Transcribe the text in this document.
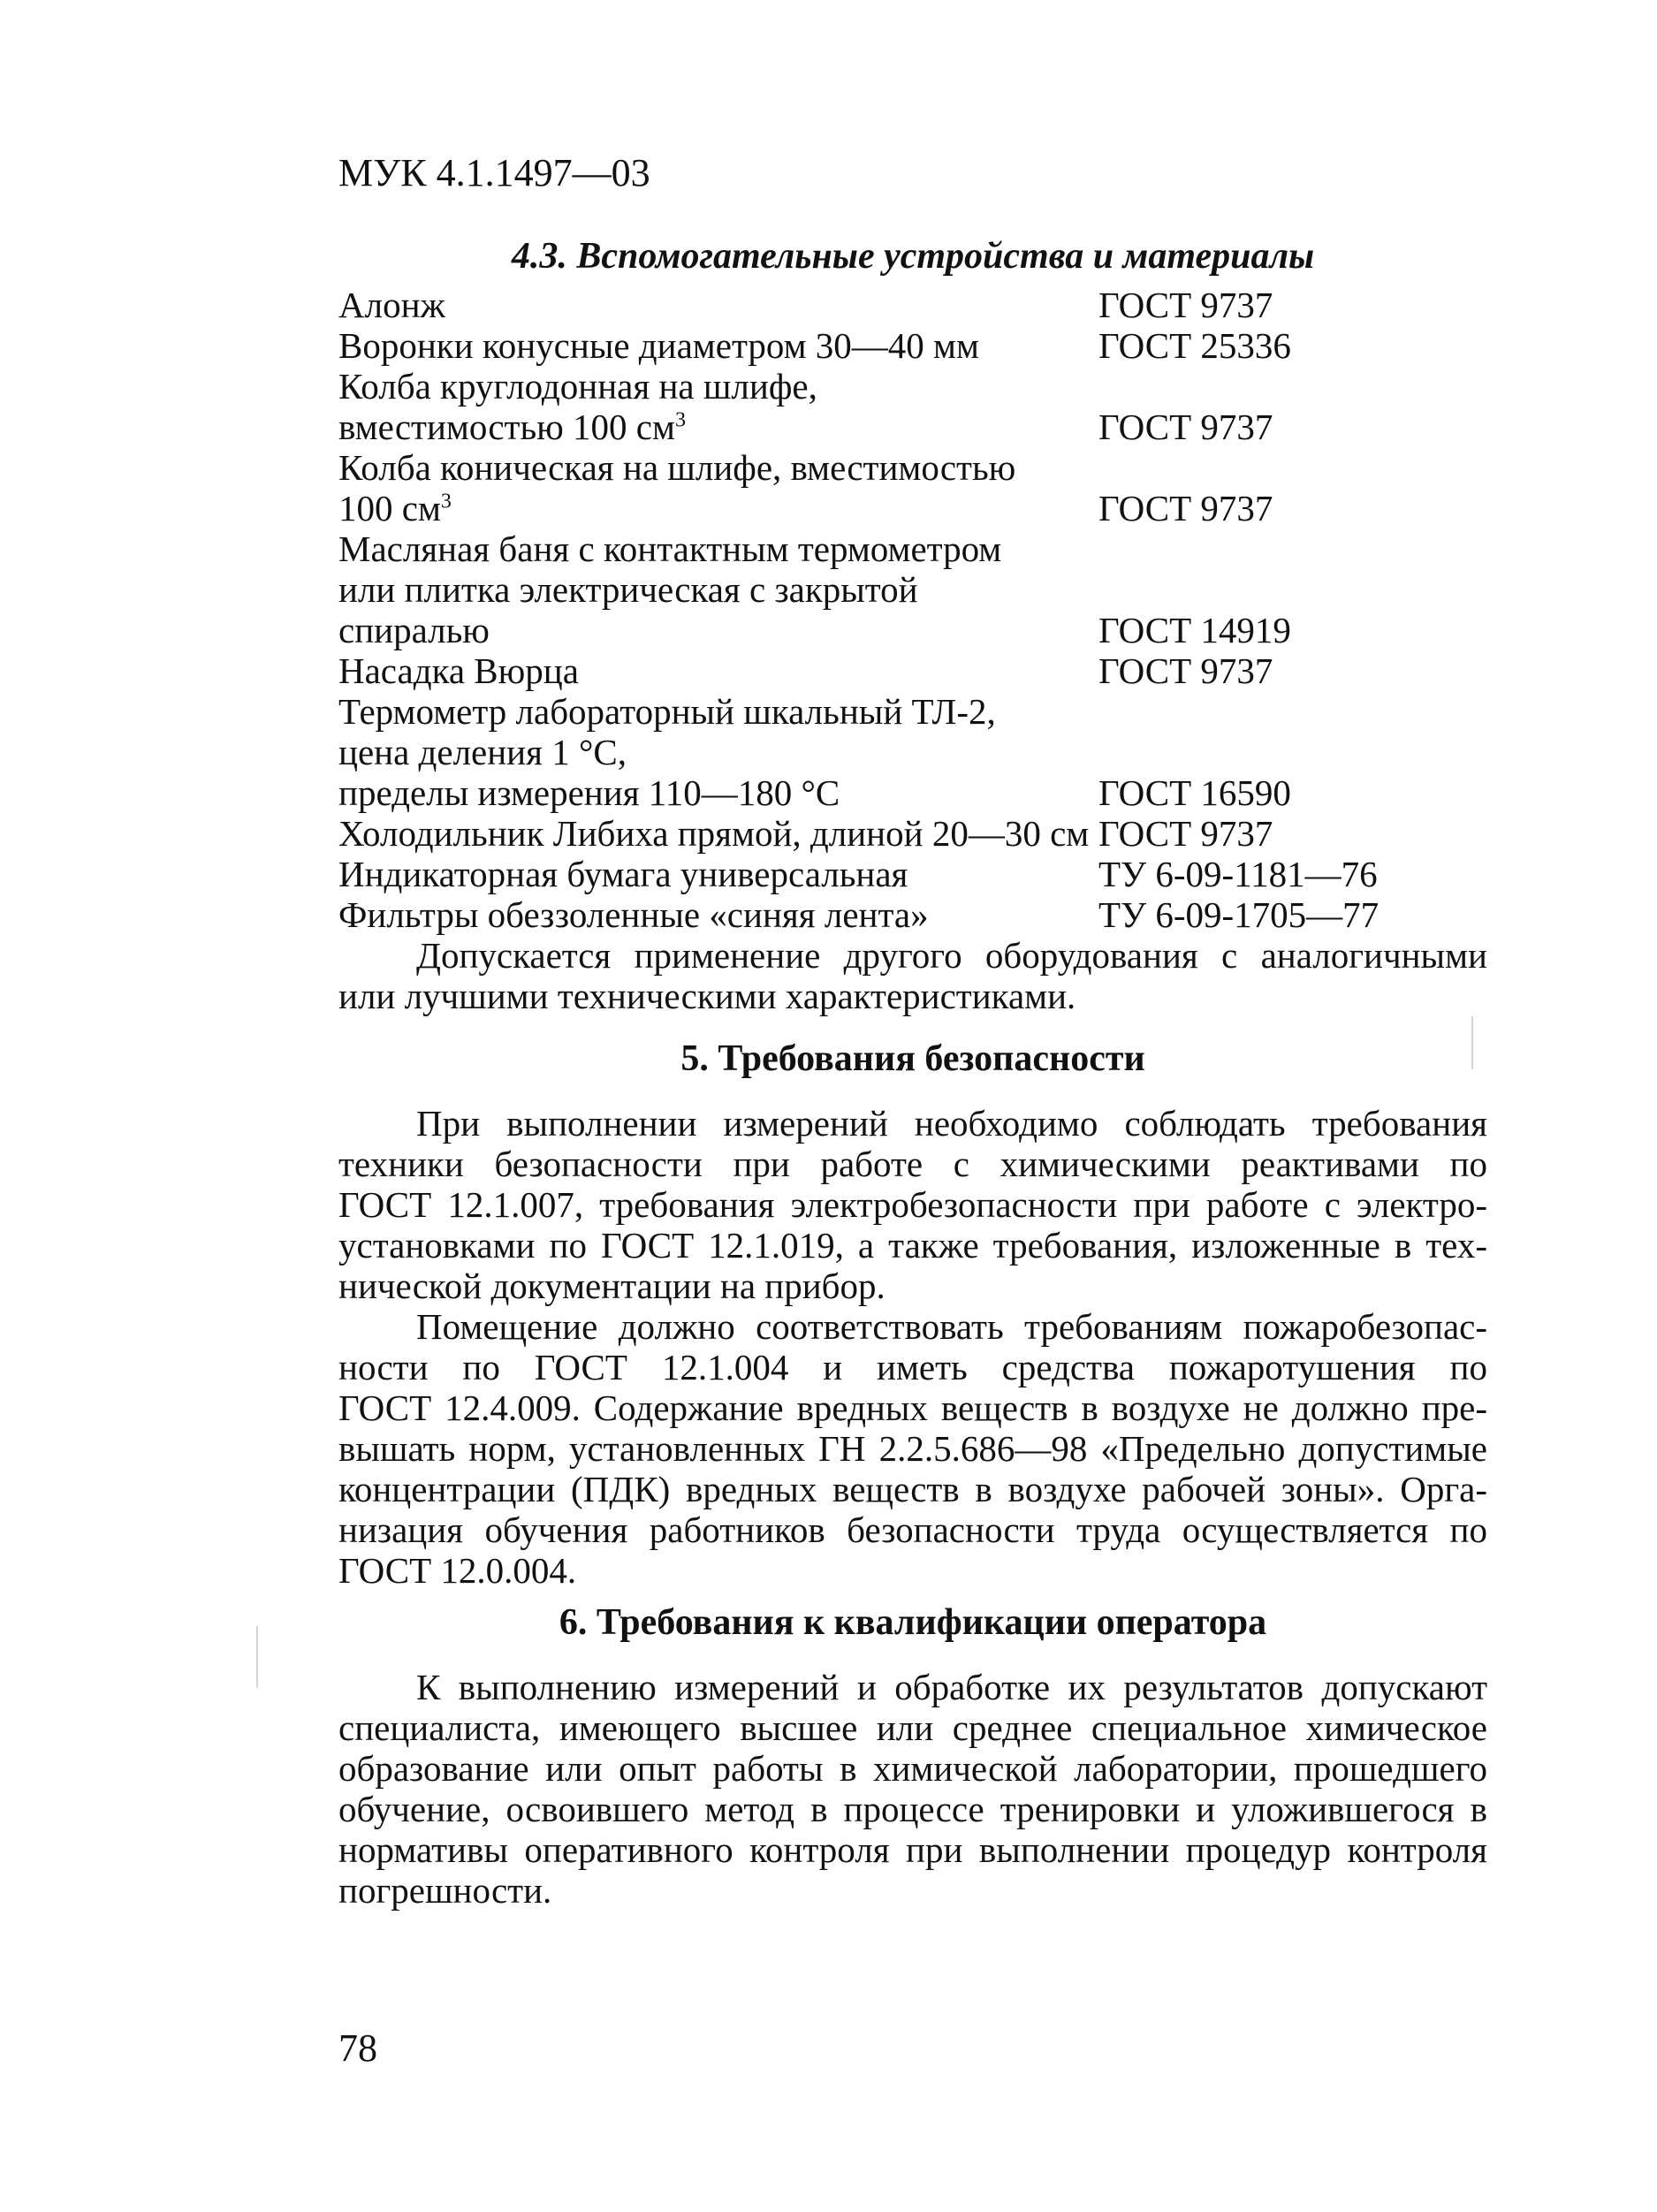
МУК 4.1.1497—03
4.3. Вспомогательные устройства и материалы
Алонж	ГОСТ 9737
Воронки конусные диаметром 30—40 мм	ГОСТ 25336
Колба круглодонная на шлифе,
вместимостью 100 $см^3$	ГОСТ 9737
Колба коническая на шлифе, вместимостью
100 $см^3$	ГОСТ 9737
Масляная баня с контактным термометром
или плитка электрическая с закрытой
спиралью	ГОСТ 14919
Насадка Вюрца	ГОСТ 9737
Термометр лабораторный шкальный ТЛ-2,
цена деления 1 °С,
пределы измерения 110—180 °С	ГОСТ 16590
Холодильник Либиха прямой, длиной 20—30 см ГОСТ 9737
Индикаторная бумага универсальная	ТУ 6-09-1181—76
Фильтры обеззоленные «синяя лента»	ТУ 6-09-1705—77
Допускается применение другого оборудования с аналогичными
или лучшими техническими характеристиками.
5. Требования безопасности
При выполнении измерений необходимо соблюдать требования
техники безопасности при работе с химическими реактивами по
ГОСТ 12.1.007, требования электробезопасности при работе с электро-
установками по ГОСТ 12.1.019, а также требования, изложенные в тех-
нической документации на прибор.
Помещение должно соответствовать требованиям пожаробезопас-
ности по ГОСТ 12.1.004 и иметь средства пожаротушения по
ГОСТ 12.4.009. Содержание вредных веществ в воздухе не должно пре-
вышать норм, установленных ГН 2.2.5.686—98 «Предельно допустимые
концентрации (ПДК) вредных веществ в воздухе рабочей зоны». Орга-
низация обучения работников безопасности труда осуществляется по
ГОСТ 12.0.004.
6. Требования к квалификации оператора
К выполнению измерений и обработке их результатов допускают
специалиста, имеющего высшее или среднее специальное химическое
образование или опыт работы в химической лаборатории, прошедшего
обучение, освоившего метод в процессе тренировки и уложившегося в
нормативы оперативного контроля при выполнении процедур контроля
погрешности.
78
